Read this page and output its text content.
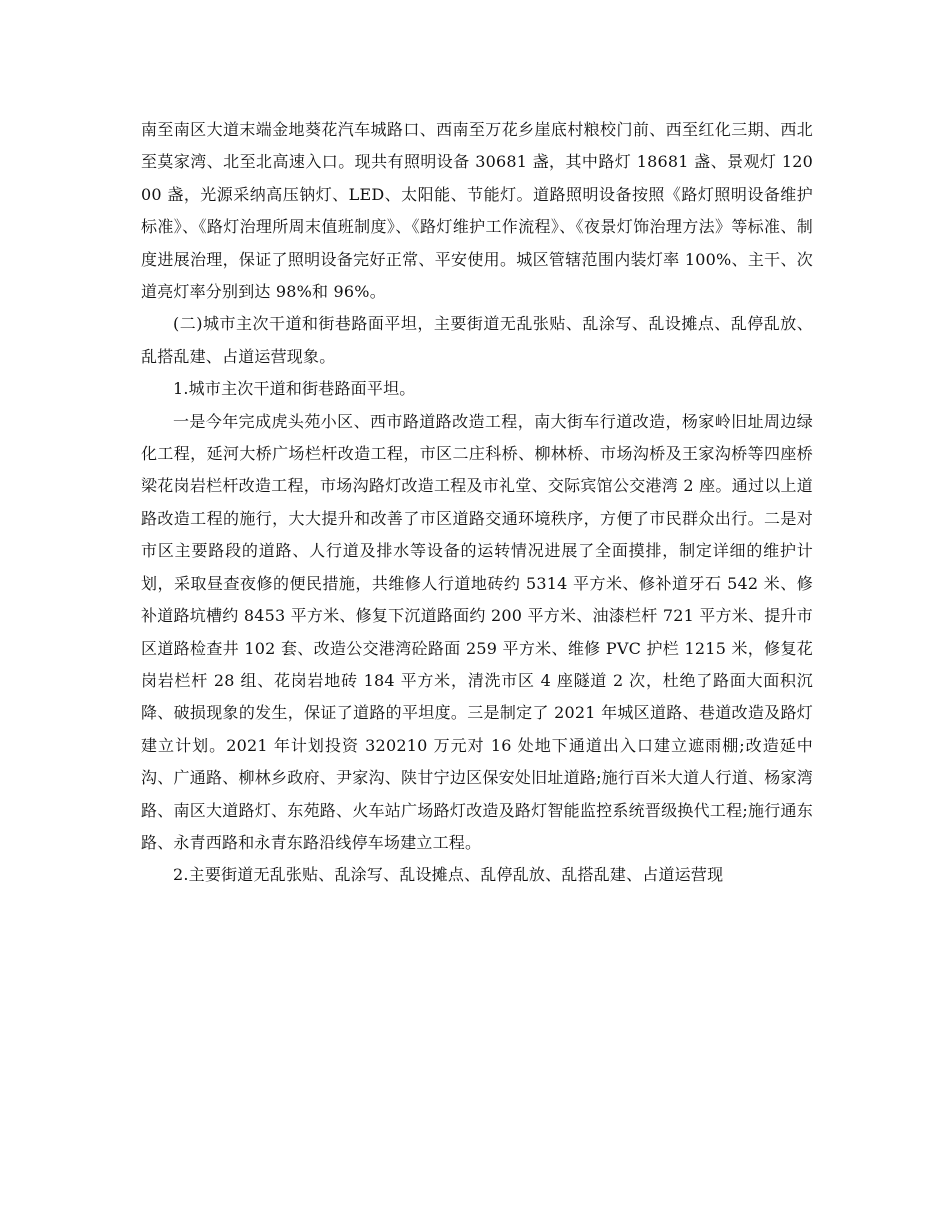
南至南区大道末端金地葵花汽车城路口、西南至万花乡崖底村粮校门前、西至红化三期、西北至莫家湾、北至北高速入口。现共有照明设备 30681 盏，其中路灯 18681 盏、景观灯 12000 盏，光源采纳高压钠灯、LED、太阳能、节能灯。道路照明设备按照《路灯照明设备维护标准》、《路灯治理所周末值班制度》、《路灯维护工作流程》、《夜景灯饰治理方法》等标准、制度进展治理，保证了照明设备完好正常、平安使用。城区管辖范围内装灯率 100%、主干、次道亮灯率分别到达 98%和 96%。

(二)城市主次干道和街巷路面平坦，主要街道无乱张贴、乱涂写、乱设摊点、乱停乱放、乱搭乱建、占道运营现象。

1.城市主次干道和街巷路面平坦。

一是今年完成虎头苑小区、西市路道路改造工程，南大街车行道改造，杨家岭旧址周边绿化工程，延河大桥广场栏杆改造工程，市区二庄科桥、柳林桥、市场沟桥及王家沟桥等四座桥梁花岗岩栏杆改造工程，市场沟路灯改造工程及市礼堂、交际宾馆公交港湾 2 座。通过以上道路改造工程的施行，大大提升和改善了市区道路交通环境秩序，方便了市民群众出行。二是对市区主要路段的道路、人行道及排水等设备的运转情况进展了全面摸排，制定详细的维护计划，采取昼查夜修的便民措施，共维修人行道地砖约 5314 平方米、修补道牙石 542 米、修补道路坑槽约 8453 平方米、修复下沉道路面约 200 平方米、油漆栏杆 721 平方米、提升市区道路检查井 102 套、改造公交港湾砼路面 259 平方米、维修 PVC 护栏 1215 米，修复花岗岩栏杆 28 组、花岗岩地砖 184 平方米，清洗市区 4 座隧道 2 次，杜绝了路面大面积沉降、破损现象的发生，保证了道路的平坦度。三是制定了 2021 年城区道路、巷道改造及路灯建立计划。2021 年计划投资 320210 万元对 16 处地下通道出入口建立遮雨棚;改造延中沟、广通路、柳林乡政府、尹家沟、陕甘宁边区保安处旧址道路;施行百米大道人行道、杨家湾路、南区大道路灯、东苑路、火车站广场路灯改造及路灯智能监控系统晋级换代工程;施行通东路、永青西路和永青东路沿线停车场建立工程。

2.主要街道无乱张贴、乱涂写、乱设摊点、乱停乱放、乱搭乱建、占道运营现
